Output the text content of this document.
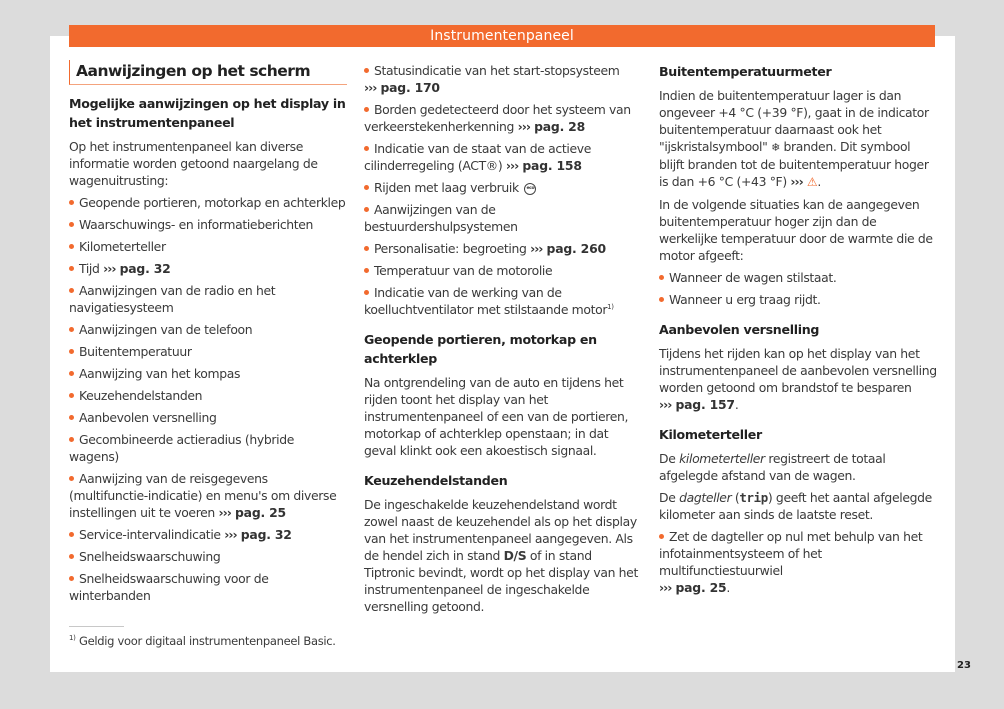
Instrumentenpaneel
Aanwijzingen op het scherm
Mogelijke aanwijzingen op het display in het instrumentenpaneel

Op het instrumentenpaneel kan diverse informatie worden getoond naargelang de wagenuitrusting:

Geopende portieren, motorkap en achterklep
Waarschuwings- en informatieberichten
Kilometerteller
Tijd ››› pag. 32
Aanwijzingen van de radio en het navigatiesysteem
Aanwijzingen van de telefoon
Buitentemperatuur
Aanwijzing van het kompas
Keuzehendelstanden
Aanbevolen versnelling
Gecombineerde actieradius (hybride wagens)
Aanwijzing van de reisgegevens (multifunctie-indicatie) en menu's om diverse instellingen uit te voeren ››› pag. 25
Service-intervalindicatie ››› pag. 32
Snelheidswaarschuwing
Snelheidswaarschuwing voor de winterbanden
Statusindicatie van het start-stopsysteem
››› pag. 170
Borden gedetecteerd door het systeem van verkeerstekenherkenning ››› pag. 28
Indicatie van de staat van de actieve cilinderregeling (ACT®) ››› pag. 158
Rijden met laag verbruik eco
Aanwijzingen van de bestuurdershulpsystemen
Personalisatie: begroeting ››› pag. 260
Temperatuur van de motorolie
Indicatie van de werking van de koelluchtventilator met stilstaande motor$^{1)}$
Geopende portieren, motorkap en achterklep

Na ontgrendeling van de auto en tijdens het rijden toont het display van het instrumentenpaneel of een van de portieren, motorkap of achterklep openstaan; in dat geval klinkt ook een akoestisch signaal.

Keuzehendelstanden

De ingeschakelde keuzehendelstand wordt zowel naast de keuzehendel als op het display van het instrumentenpaneel aangegeven. Als de hendel zich in stand D/S of in stand Tiptronic bevindt, wordt op het display van het instrumentenpaneel de ingeschakelde versnelling getoond.

Buitentemperatuurmeter

Indien de buitentemperatuur lager is dan ongeveer +4 °C (+39 °F), gaat in de indicator buitentemperatuur daarnaast ook het "ijskristalsymbool" ❄ branden. Dit symbool blijft branden tot de buitentemperatuur hoger is dan +6 °C (+43 °F) ››› ⚠.

In de volgende situaties kan de aangegeven buitentemperatuur hoger zijn dan de werkelijke temperatuur door de warmte die de motor afgeeft:

Wanneer de wagen stilstaat.
Wanneer u erg traag rijdt.
Aanbevolen versnelling

Tijdens het rijden kan op het display van het instrumentenpaneel de aanbevolen versnelling worden getoond om brandstof te besparen
››› pag. 157.

Kilometerteller

De kilometerteller registreert de totaal afgelegde afstand van de wagen.

De dagteller (trip) geeft het aantal afgelegde kilometer aan sinds de laatste reset.

Zet de dagteller op nul met behulp van het infotainmentsysteem of het multifunctiestuurwiel
››› pag. 25.
$^{1)}$ Geldig voor digitaal instrumentenpaneel Basic.
23
